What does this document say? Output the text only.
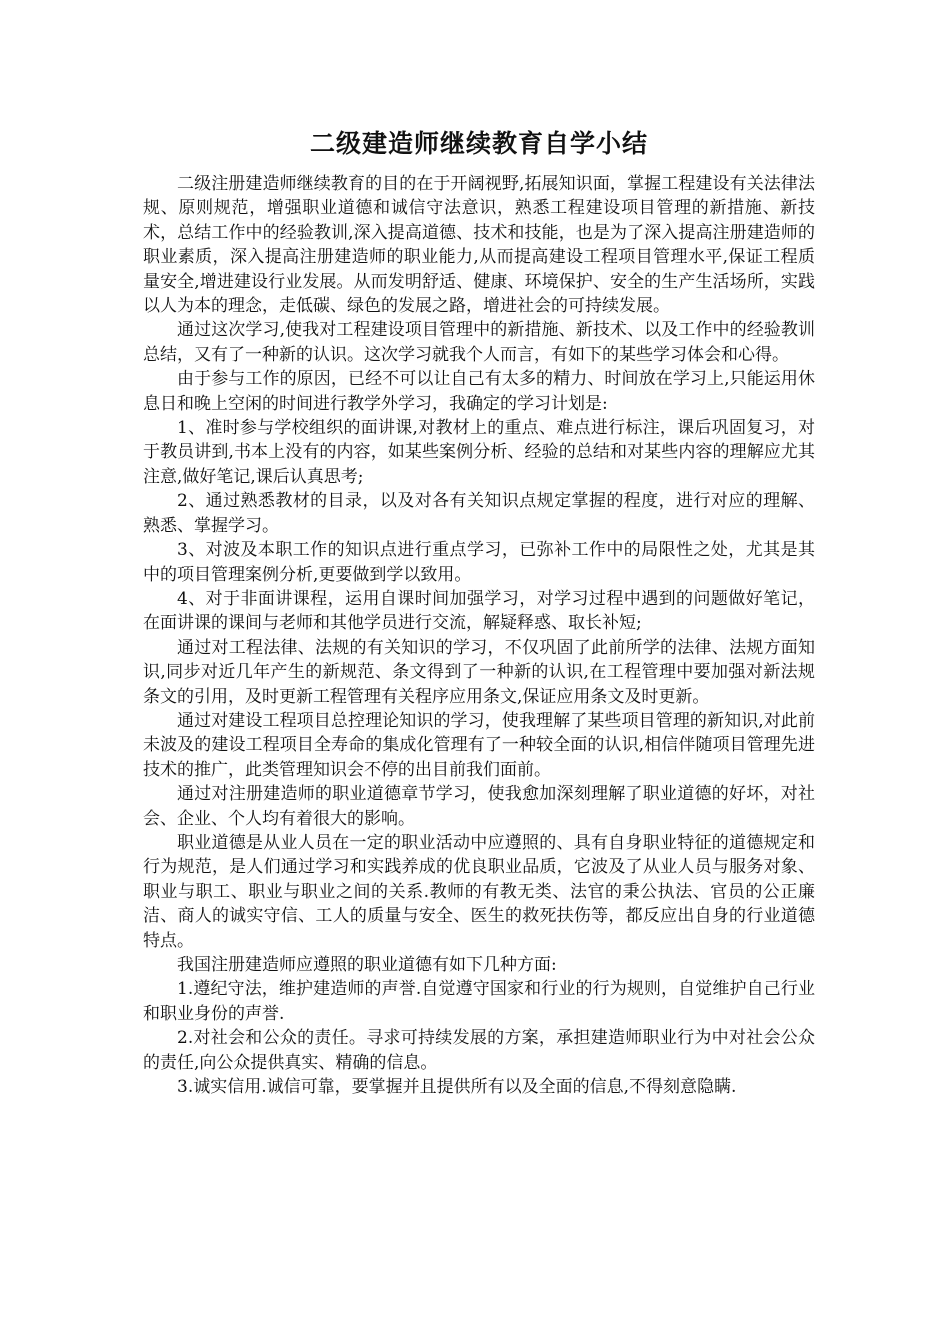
二级建造师继续教育自学小结

二级注册建造师继续教育的目的在于开阔视野,拓展知识面，掌握工程建设有关法律法规、原则规范，增强职业道德和诚信守法意识，熟悉工程建设项目管理的新措施、新技术，总结工作中的经验教训,深入提高道德、技术和技能，也是为了深入提高注册建造师的职业素质，深入提高注册建造师的职业能力,从而提高建设工程项目管理水平,保证工程质量安全,增进建设行业发展。从而发明舒适、健康、环境保护、安全的生产生活场所，实践以人为本的理念，走低碳、绿色的发展之路，增进社会的可持续发展。

通过这次学习,使我对工程建设项目管理中的新措施、新技术、以及工作中的经验教训总结，又有了一种新的认识。这次学习就我个人而言，有如下的某些学习体会和心得。

由于参与工作的原因，已经不可以让自己有太多的精力、时间放在学习上,只能运用休息日和晚上空闲的时间进行教学外学习，我确定的学习计划是:

1、准时参与学校组织的面讲课,对教材上的重点、难点进行标注，课后巩固复习，对于教员讲到,书本上没有的内容，如某些案例分析、经验的总结和对某些内容的理解应尤其注意,做好笔记,课后认真思考;

2、通过熟悉教材的目录，以及对各有关知识点规定掌握的程度，进行对应的理解、熟悉、掌握学习。

3、对波及本职工作的知识点进行重点学习，已弥补工作中的局限性之处，尤其是其中的项目管理案例分析,更要做到学以致用。

4、对于非面讲课程，运用自课时间加强学习，对学习过程中遇到的问题做好笔记，在面讲课的课间与老师和其他学员进行交流，解疑释惑、取长补短;

通过对工程法律、法规的有关知识的学习，不仅巩固了此前所学的法律、法规方面知识,同步对近几年产生的新规范、条文得到了一种新的认识,在工程管理中要加强对新法规条文的引用，及时更新工程管理有关程序应用条文,保证应用条文及时更新。

通过对建设工程项目总控理论知识的学习，使我理解了某些项目管理的新知识,对此前未波及的建设工程项目全寿命的集成化管理有了一种较全面的认识,相信伴随项目管理先进技术的推广，此类管理知识会不停的出目前我们面前。

通过对注册建造师的职业道德章节学习，使我愈加深刻理解了职业道德的好坏，对社会、企业、个人均有着很大的影响。

职业道德是从业人员在一定的职业活动中应遵照的、具有自身职业特征的道德规定和行为规范，是人们通过学习和实践养成的优良职业品质，它波及了从业人员与服务对象、职业与职工、职业与职业之间的关系.教师的有教无类、法官的秉公执法、官员的公正廉洁、商人的诚实守信、工人的质量与安全、医生的救死扶伤等，都反应出自身的行业道德特点。

我国注册建造师应遵照的职业道德有如下几种方面:

1.遵纪守法，维护建造师的声誉.自觉遵守国家和行业的行为规则，自觉维护自己行业和职业身份的声誉.

2.对社会和公众的责任。寻求可持续发展的方案，承担建造师职业行为中对社会公众的责任,向公众提供真实、精确的信息。

3.诚实信用.诚信可靠，要掌握并且提供所有以及全面的信息,不得刻意隐瞒.
